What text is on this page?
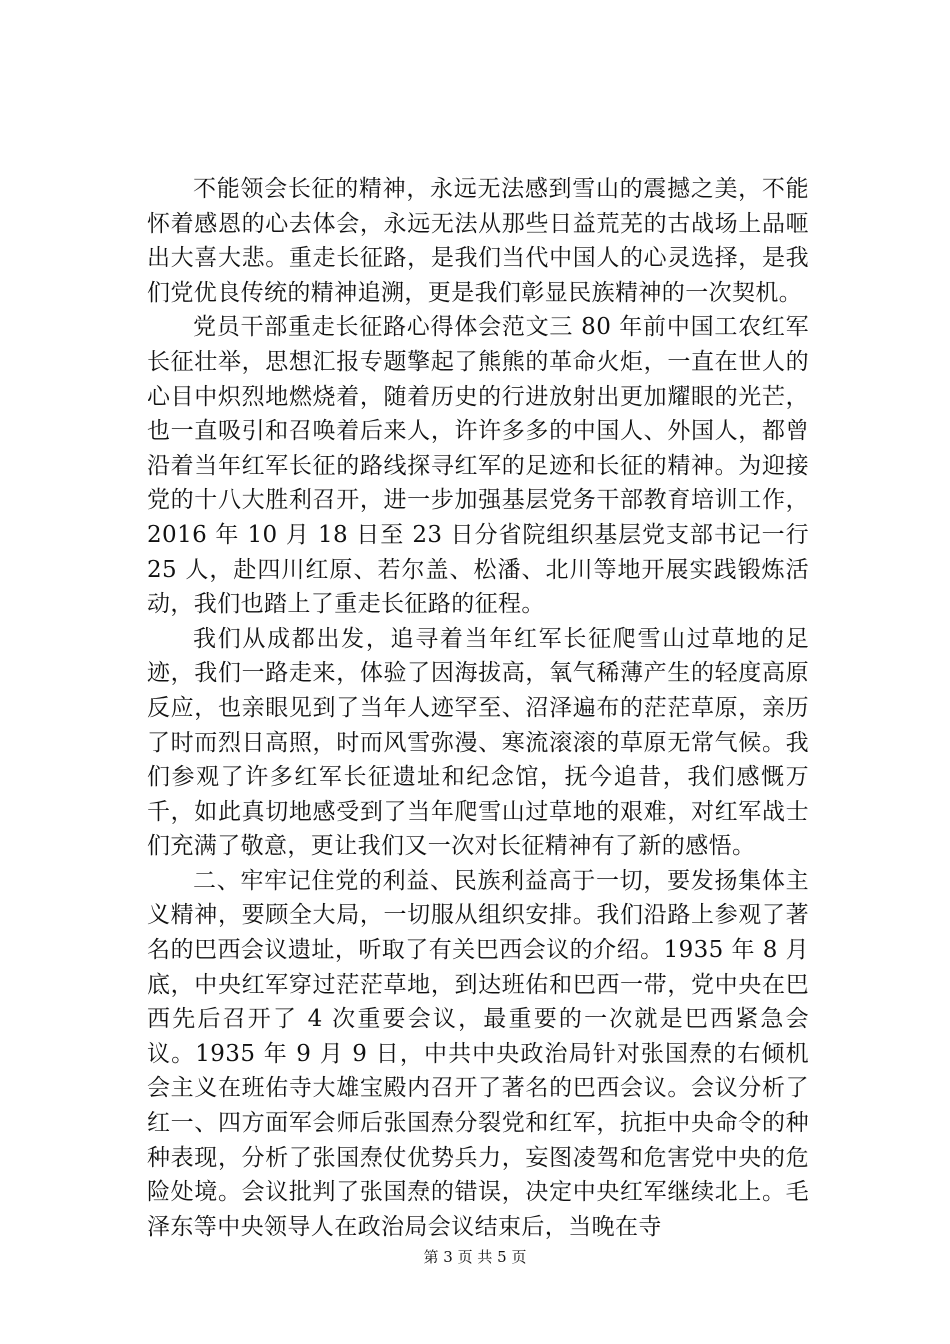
不能领会长征的精神，永远无法感到雪山的震撼之美，不能怀着感恩的心去体会，永远无法从那些日益荒芜的古战场上品咂出大喜大悲。重走长征路，是我们当代中国人的心灵选择，是我们党优良传统的精神追溯，更是我们彰显民族精神的一次契机。

党员干部重走长征路心得体会范文三 80 年前中国工农红军长征壮举，思想汇报专题擎起了熊熊的革命火炬，一直在世人的心目中炽烈地燃烧着，随着历史的行进放射出更加耀眼的光芒，也一直吸引和召唤着后来人，许许多多的中国人、外国人，都曾沿着当年红军长征的路线探寻红军的足迹和长征的精神。为迎接党的十八大胜利召开，进一步加强基层党务干部教育培训工作，2016 年 10 月 18 日至 23 日分省院组织基层党支部书记一行 25 人，赴四川红原、若尔盖、松潘、北川等地开展实践锻炼活动，我们也踏上了重走长征路的征程。

我们从成都出发，追寻着当年红军长征爬雪山过草地的足迹，我们一路走来，体验了因海拔高，氧气稀薄产生的轻度高原反应，也亲眼见到了当年人迹罕至、沼泽遍布的茫茫草原，亲历了时而烈日高照，时而风雪弥漫、寒流滚滚的草原无常气候。我们参观了许多红军长征遗址和纪念馆，抚今追昔，我们感慨万千，如此真切地感受到了当年爬雪山过草地的艰难，对红军战士们充满了敬意，更让我们又一次对长征精神有了新的感悟。

二、牢牢记住党的利益、民族利益高于一切，要发扬集体主义精神，要顾全大局，一切服从组织安排。我们沿路上参观了著名的巴西会议遗址，听取了有关巴西会议的介绍。1935 年 8 月底，中央红军穿过茫茫草地，到达班佑和巴西一带，党中央在巴西先后召开了 4 次重要会议，最重要的一次就是巴西紧急会议。1935 年 9 月 9 日，中共中央政治局针对张国焘的右倾机会主义在班佑寺大雄宝殿内召开了著名的巴西会议。会议分析了红一、四方面军会师后张国焘分裂党和红军，抗拒中央命令的种种表现，分析了张国焘仗优势兵力，妄图凌驾和危害党中央的危险处境。会议批判了张国焘的错误，决定中央红军继续北上。毛泽东等中央领导人在政治局会议结束后，当晚在寺

第 3 页 共 5 页
